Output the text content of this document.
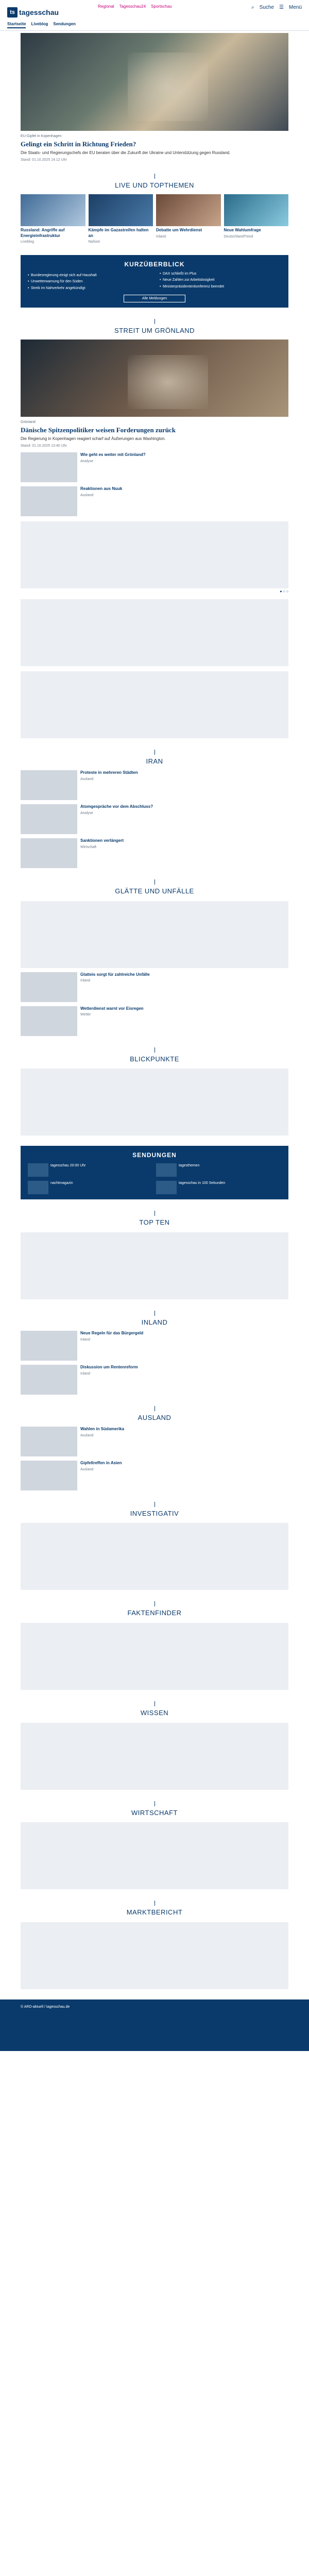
ts tagesschau
Regional Tagesschau24 Sportschau	⌕ Suche ☰ Menü
Startseite Liveblog Sendungen
EU-Gipfel in Kopenhagen
Gelingt ein Schritt in Richtung Frieden?
Die Staats- und Regierungschefs der EU beraten über die Zukunft der Ukraine und Unterstützung gegen Russland.
Stand: 01.10.2025 14:12 Uhr
LIVE UND TOPTHEMEN
Russland: Angriffe auf Energieinfrastruktur
Liveblog
Kämpfe im Gazastreifen halten an
Nahost
Debatte um Wehrdienst
Inland
Neue Wahlumfrage
DeutschlandTrend
KURZÜBERBLICK
• Bundesregierung einigt sich auf Haushalt
• Unwetterwarnung für den Süden
• Streik im Nahverkehr angekündigt
• DAX schließt im Plus
• Neue Zahlen zur Arbeitslosigkeit
• Ministerpräsidentenkonferenz beendet
Alle Meldungen
STREIT UM GRÖNLAND
Grönland
Dänische Spitzenpolitiker weisen Forderungen zurück
Die Regierung in Kopenhagen reagiert scharf auf Äußerungen aus Washington.
Stand: 01.10.2025 13:40 Uhr
Wie geht es weiter mit Grönland?
Analyse
Reaktionen aus Nuuk
Ausland
● ○ ○
IRAN
Proteste in mehreren Städten
Ausland
Atomgespräche vor dem Abschluss?
Analyse
Sanktionen verlängert
Wirtschaft
GLÄTTE UND UNFÄLLE
Glatteis sorgt für zahlreiche Unfälle
Inland
Wetterdienst warnt vor Eisregen
Wetter
BLICKPUNKTE
SENDUNGEN
tagesschau 20:00 Uhr	tagesthemen
nachtmagazin	tagesschau in 100 Sekunden
TOP TEN
INLAND
Neue Regeln für das Bürgergeld
Inland
Diskussion um Rentenreform
Inland
AUSLAND
Wahlen in Südamerika
Ausland
Gipfeltreffen in Asien
Ausland
INVESTIGATIV
FAKTENFINDER
WISSEN
WIRTSCHAFT
MARKTBERICHT
© ARD-aktuell / tagesschau.de
